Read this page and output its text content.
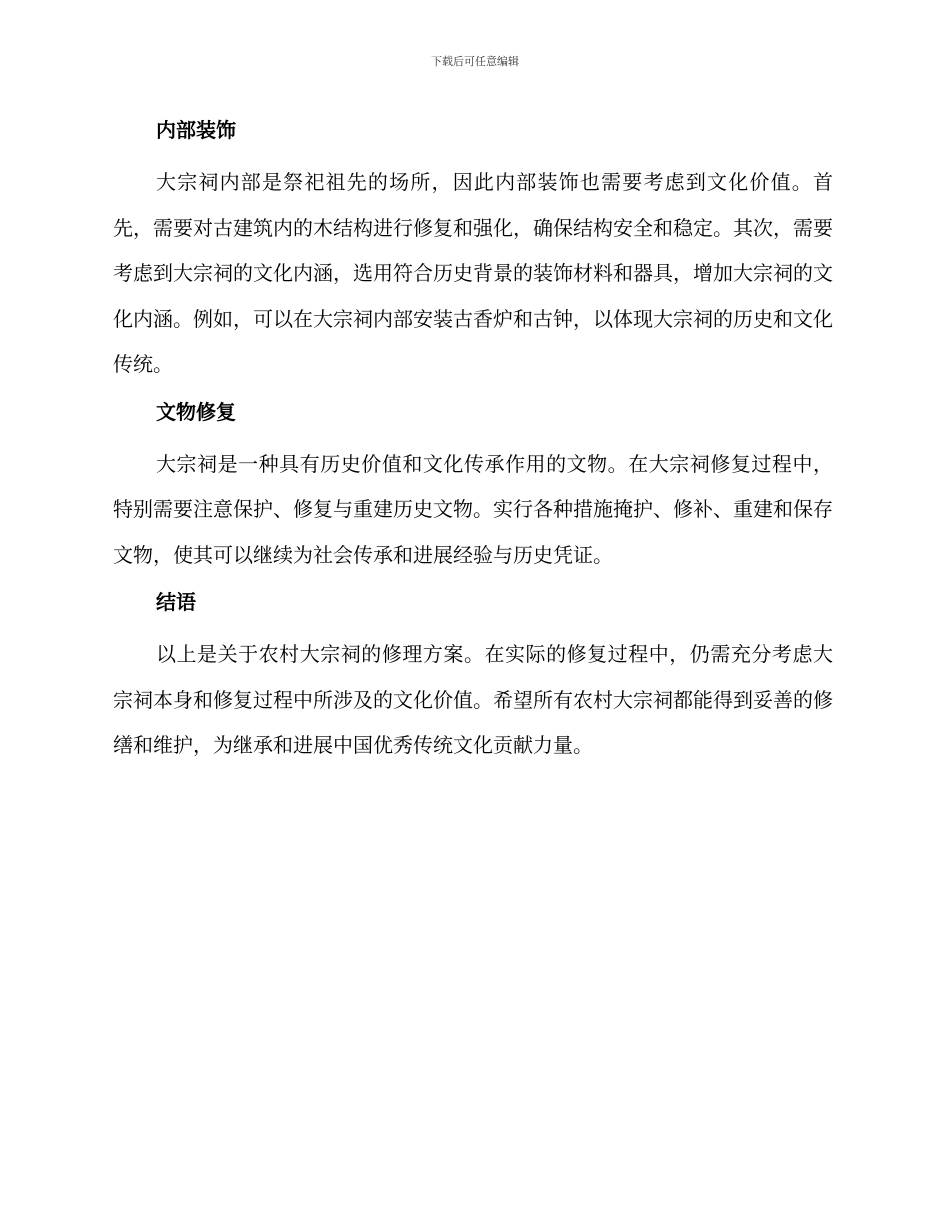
下载后可任意编辑
内部装饰

大宗祠内部是祭祀祖先的场所，因此内部装饰也需要考虑到文化价值。首先，需要对古建筑内的木结构进行修复和强化，确保结构安全和稳定。其次，需要考虑到大宗祠的文化内涵，选用符合历史背景的装饰材料和器具，增加大宗祠的文化内涵。例如，可以在大宗祠内部安装古香炉和古钟，以体现大宗祠的历史和文化传统。

文物修复

大宗祠是一种具有历史价值和文化传承作用的文物。在大宗祠修复过程中，特别需要注意保护、修复与重建历史文物。实行各种措施掩护、修补、重建和保存文物，使其可以继续为社会传承和进展经验与历史凭证。

结语

以上是关于农村大宗祠的修理方案。在实际的修复过程中，仍需充分考虑大宗祠本身和修复过程中所涉及的文化价值。希望所有农村大宗祠都能得到妥善的修缮和维护，为继承和进展中国优秀传统文化贡献力量。
